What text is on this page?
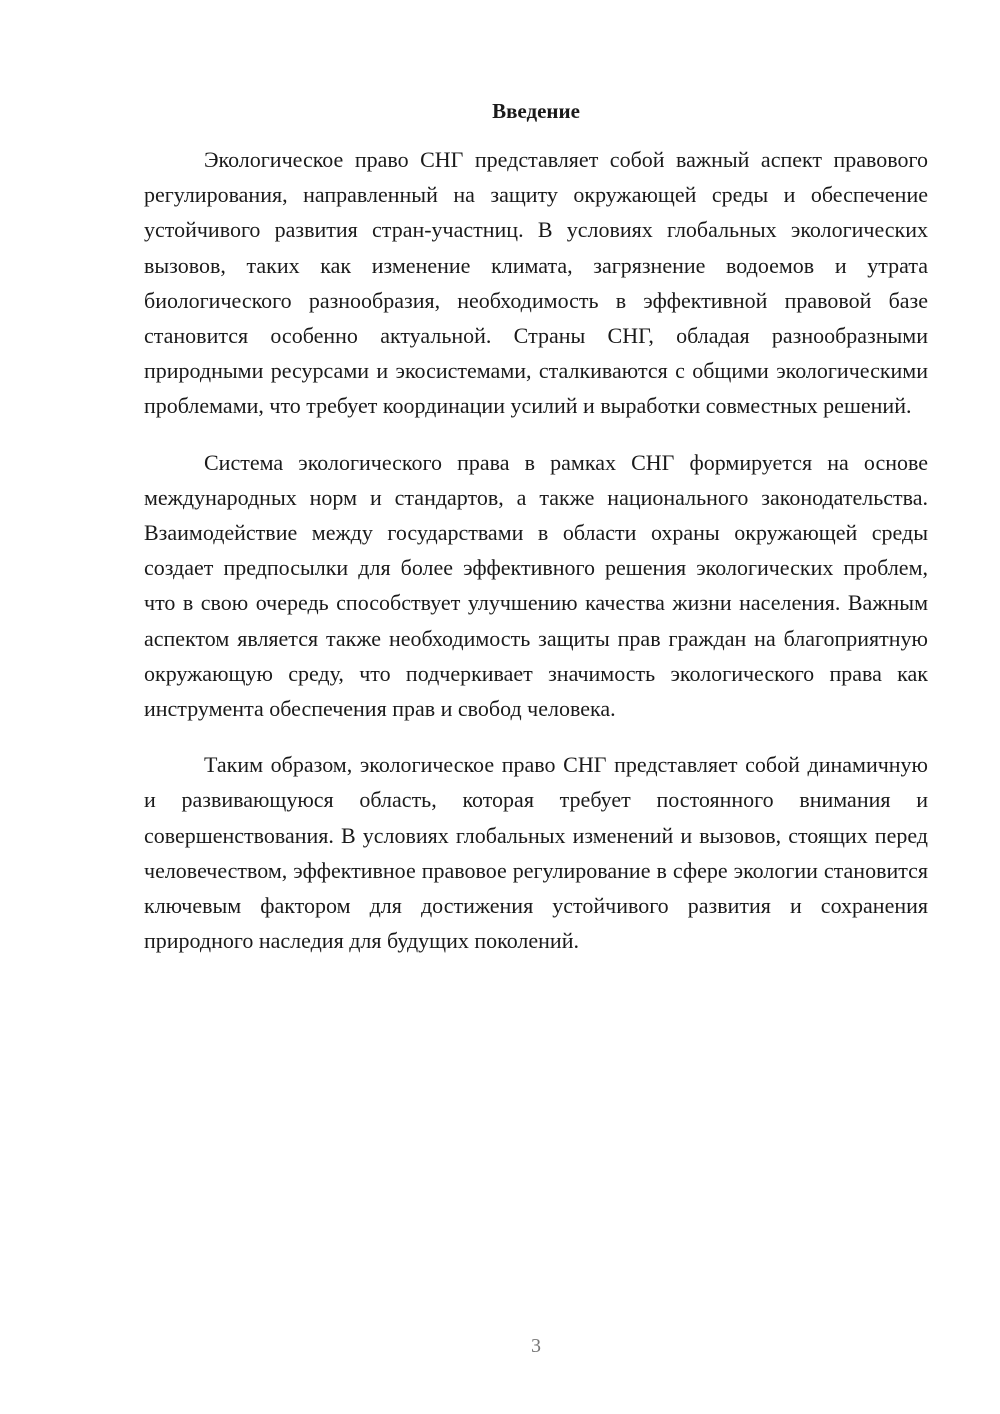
Введение

Экологическое право СНГ представляет собой важный аспект правового регулирования, направленный на защиту окружающей среды и обеспечение устойчивого развития стран-участниц. В условиях глобальных экологических вызовов, таких как изменение климата, загрязнение водоемов и утрата биологического разнообразия, необходимость в эффективной правовой базе становится особенно актуальной. Страны СНГ, обладая разнообразными природными ресурсами и экосистемами, сталкиваются с общими экологическими проблемами, что требует координации усилий и выработки совместных решений.

Система экологического права в рамках СНГ формируется на основе международных норм и стандартов, а также национального законодательства. Взаимодействие между государствами в области охраны окружающей среды создает предпосылки для более эффективного решения экологических проблем, что в свою очередь способствует улучшению качества жизни населения. Важным аспектом является также необходимость защиты прав граждан на благоприятную окружающую среду, что подчеркивает значимость экологического права как инструмента обеспечения прав и свобод человека.

Таким образом, экологическое право СНГ представляет собой динамичную и развивающуюся область, которая требует постоянного внимания и совершенствования. В условиях глобальных изменений и вызовов, стоящих перед человечеством, эффективное правовое регулирование в сфере экологии становится ключевым фактором для достижения устойчивого развития и сохранения природного наследия для будущих поколений.

3
